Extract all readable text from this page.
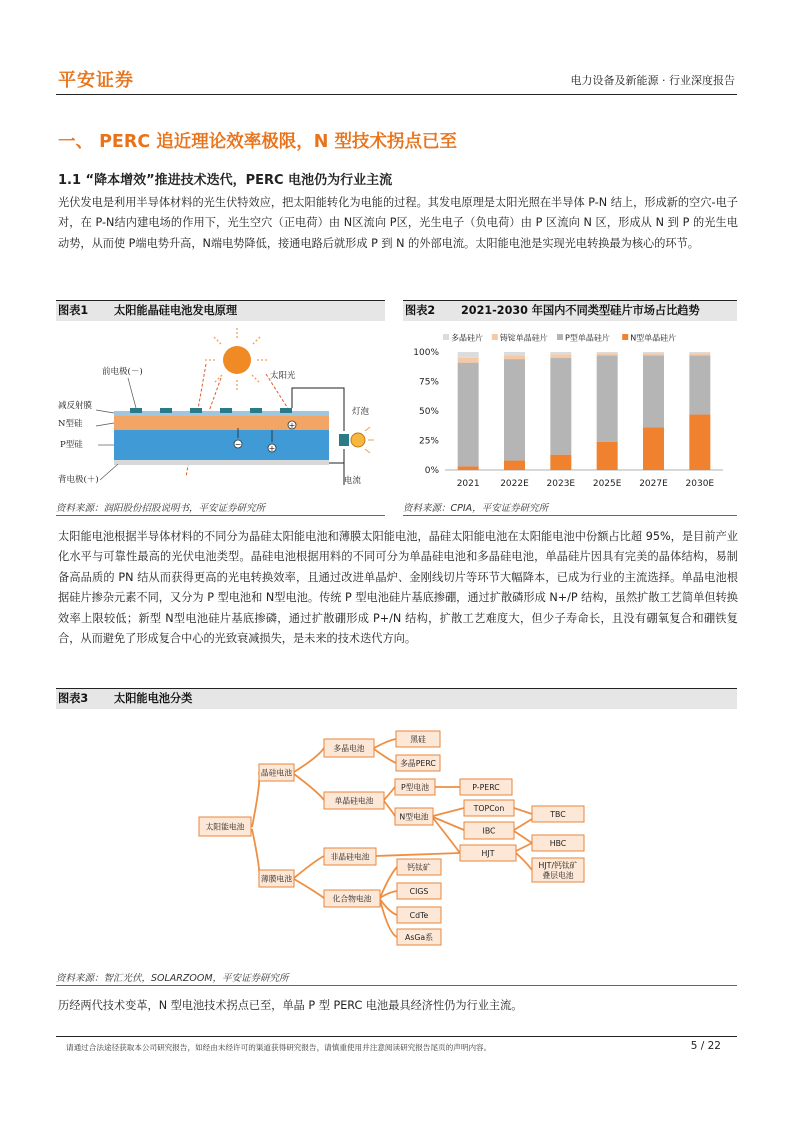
平安证券	电力设备及新能源 · 行业深度报告
一、 PERC 追近理论效率极限，N 型技术拐点已至
1.1 “降本增效”推进技术迭代，PERC 电池仍为行业主流
光伏发电是利用半导体材料的光生伏特效应，把太阳能转化为电能的过程。其发电原理是太阳光照在半导体 P-N 结上，形成新的空穴-电子对，在 P-N结内建电场的作用下，光生空穴（正电荷）由 N区流向 P区，光生电子（负电荷）由 P 区流向 N 区，形成从 N 到 P 的光生电动势，从而使 P端电势升高，N端电势降低，接通电路后就形成 P 到 N 的外部电流。太阳能电池是实现光电转换最为核心的环节。
图表1 太阳能晶硅电池发电原理
−	+
+
前电极(－)	太阳光
减反射膜
N型硅
P型硅
背电极(＋)
灯泡
电流
资料来源：润阳股份招股说明书，平安证券研究所
图表2 2021-2030 年国内不同类型硅片市场占比趋势
多晶硅片 铸锭单晶硅片 P型单晶硅片	N型单晶硅片
0%
25%
50%
75%
100%
2021 2022E 2023E 2025E 2027E 2030E
资料来源：CPIA，平安证券研究所
太阳能电池根据半导体材料的不同分为晶硅太阳能电池和薄膜太阳能电池，晶硅太阳能电池在太阳能电池中份额占比超 95%，是目前产业化水平与可靠性最高的光伏电池类型。晶硅电池根据用料的不同可分为单晶硅电池和多晶硅电池，单晶硅片因具有完美的晶体结构，易制备高品质的 PN 结从而获得更高的光电转换效率，且通过改进单晶炉、金刚线切片等环节大幅降本，已成为行业的主流选择。单晶电池根据硅片掺杂元素不同，又分为 P 型电池和 N型电池。传统 P 型电池硅片基底掺硼，通过扩散磷形成 N+/P 结构，虽然扩散工艺简单但转换效率上限较低；新型 N型电池硅片基底掺磷，通过扩散硼形成 P+/N 结构，扩散工艺难度大，但少子寿命长，且没有硼氧复合和硼铁复合，从而避免了形成复合中心的光致衰减损失，是未来的技术迭代方向。
图表3 太阳能电池分类
太阳能电池
晶硅电池
薄膜电池
多晶电池
单晶硅电池
黑硅
多晶PERC
P型电池
N型电池
P-PERC
TOPCon
IBC
HJT
TBC
HBC
HJT/钙钛矿
叠层电池
非晶硅电池
化合物电池
钙钛矿
CIGS
CdTe
AsGa系
资料来源：智汇光伏，SOLARZOOM，平安证券研究所
历经两代技术变革，N 型电池技术拐点已至，单晶 P 型 PERC 电池最具经济性仍为行业主流。
请通过合法途径获取本公司研究报告，如经由未经许可的渠道获得研究报告，请慎重使用并注意阅读研究报告尾页的声明内容。	5 / 22
